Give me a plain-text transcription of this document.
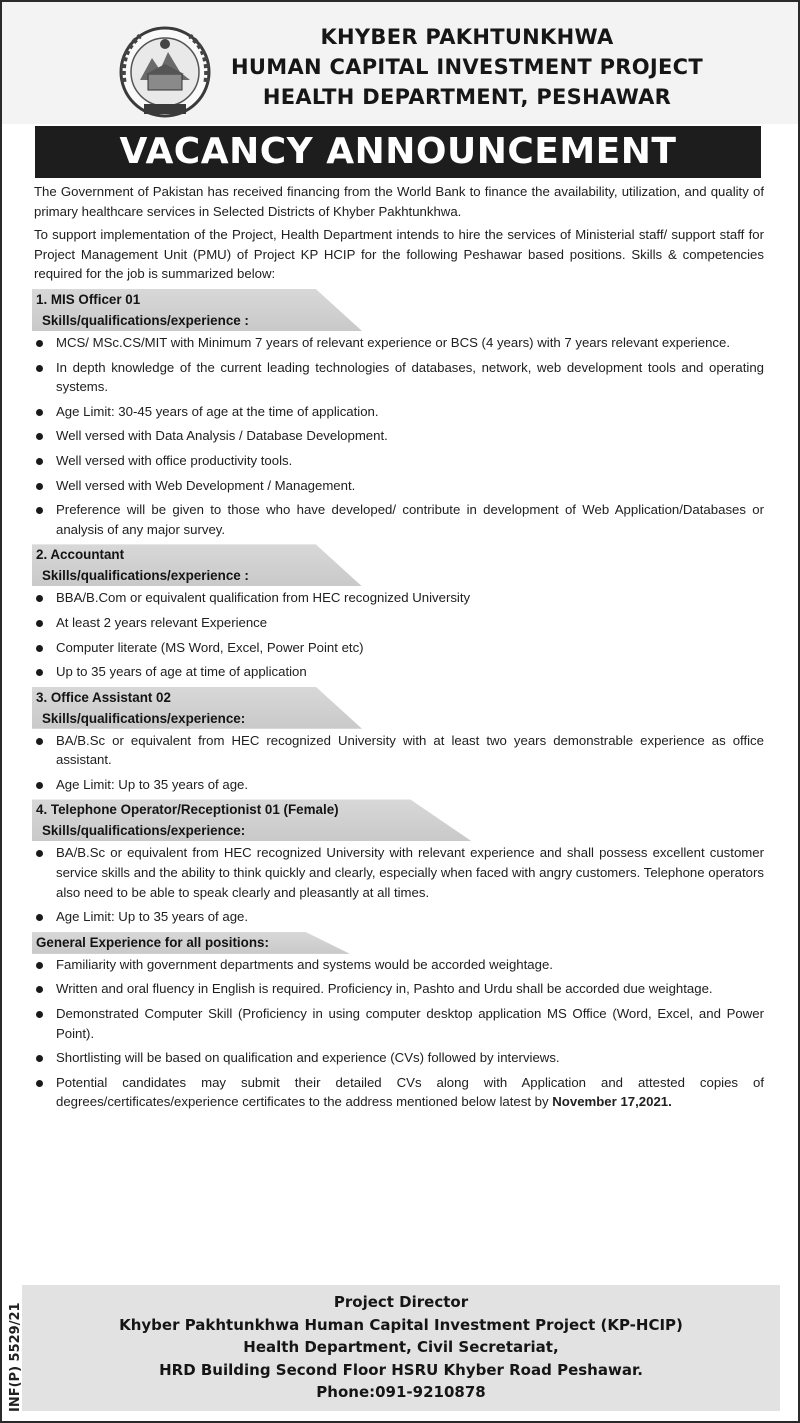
KHYBER PAKHTUNKHWA
HUMAN CAPITAL INVESTMENT PROJECT
HEALTH DEPARTMENT, PESHAWAR
VACANCY ANNOUNCEMENT

The Government of Pakistan has received financing from the World Bank to finance the availability, utilization, and quality of primary healthcare services in Selected Districts of Khyber Pakhtunkhwa.

To support implementation of the Project, Health Department intends to hire the services of Ministerial staff/ support staff for Project Management Unit (PMU) of Project KP HCIP for the following Peshawar based positions. Skills & competencies required for the job is summarized below:

1. MIS Officer 01
Skills/qualifications/experience :
MCS/ MSc.CS/MIT with Minimum 7 years of relevant experience or BCS (4 years) with 7 years relevant experience.
In depth knowledge of the current leading technologies of databases, network, web development tools and operating systems.
Age Limit: 30-45 years of age at the time of application.
Well versed with Data Analysis / Database Development.
Well versed with office productivity tools.
Well versed with Web Development / Management.
Preference will be given to those who have developed/ contribute in development of Web Application/Databases or analysis of any major survey.
2. Accountant
Skills/qualifications/experience :
BBA/B.Com or equivalent qualification from HEC recognized University
At least 2 years relevant Experience
Computer literate (MS Word, Excel, Power Point etc)
Up to 35 years of age at time of application
3. Office Assistant 02
Skills/qualifications/experience:
BA/B.Sc or equivalent from HEC recognized University with at least two years demonstrable experience as office assistant.
Age Limit: Up to 35 years of age.
4. Telephone Operator/Receptionist 01 (Female)
Skills/qualifications/experience:
BA/B.Sc or equivalent from HEC recognized University with relevant experience and shall possess excellent customer service skills and the ability to think quickly and clearly, especially when faced with angry customers. Telephone operators also need to be able to speak clearly and pleasantly at all times.
Age Limit: Up to 35 years of age.
General Experience for all positions:
Familiarity with government departments and systems would be accorded weightage.
Written and oral fluency in English is required. Proficiency in, Pashto and Urdu shall be accorded due weightage.
Demonstrated Computer Skill (Proficiency in using computer desktop application MS Office (Word, Excel, and Power Point).
Shortlisting will be based on qualification and experience (CVs) followed by interviews.
Potential candidates may submit their detailed CVs along with Application and attested copies of degrees/certificates/experience certificates to the address mentioned below latest by November 17,2021.
Project Director
Khyber Pakhtunkhwa Human Capital Investment Project (KP-HCIP)
Health Department, Civil Secretariat,
HRD Building Second Floor HSRU Khyber Road Peshawar.
Phone:091-9210878
INF(P) 5529/21
